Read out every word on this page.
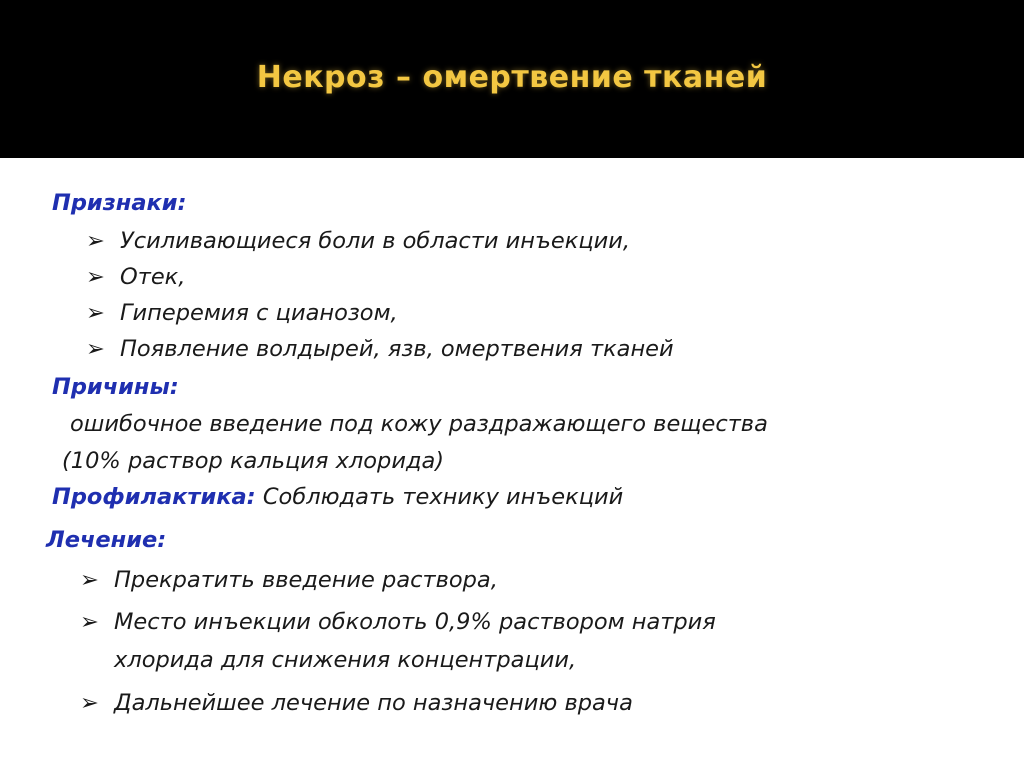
Некроз – омертвение тканей
Признаки:
➢ Усиливающиеся боли в области инъекции,
➢ Отек,
➢ Гиперемия с цианозом,
➢ Появление волдырей, язв, омертвения тканей
Причины:
ошибочное введение под кожу раздражающего вещества
(10% раствор кальция хлорида)
Профилактика: Соблюдать технику инъекций
Лечение:
➢ Прекратить введение раствора,
➢ Место инъекции обколоть 0,9% раствором натрия
хлорида для снижения концентрации,
➢ Дальнейшее лечение по назначению врача
